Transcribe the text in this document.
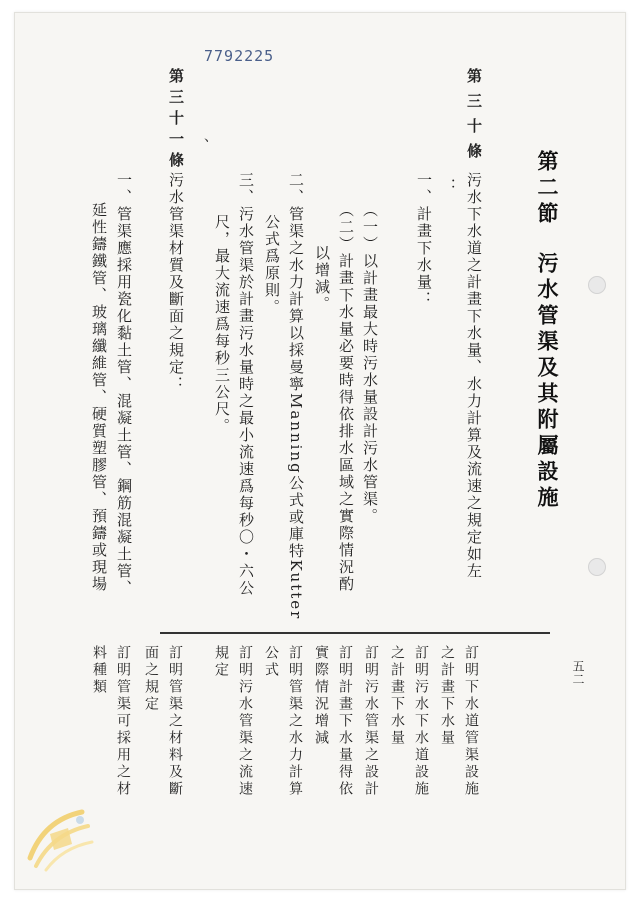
7792225
第二節
污水管渠及其附屬設施
第三十條
污水下水道之計畫下水量、水力計算及流速之規定如左
：
一、計畫下水量：
（一）以計畫最大時污水量設計污水管渠。
（二）計畫下水量必要時得依排水區域之實際情況酌
以增減。
二、管渠之水力計算以採曼寧Manning公式或庫特Kutter
公式爲原則。
三、污水管渠於計畫污水量時之最小流速爲每秒〇・六公
尺，最大流速爲每秒三公尺。
、
第三十一條
污水管渠材質及斷面之規定：
一、管渠應採用瓷化黏土管、混凝土管、鋼筋混凝土管、
延性鑄鐵管、玻璃纖維管、硬質塑膠管、預鑄或現場
訂明下水道管渠設施
之計畫下水量
訂明污水下水道設施
之計畫下水量
訂明污水管渠之設計
訂明計畫下水量得依
實際情況增減
訂明管渠之水力計算
公式
訂明污水管渠之流速
規定
訂明管渠之材料及斷
面之規定
訂明管渠可採用之材
料種類	五二
